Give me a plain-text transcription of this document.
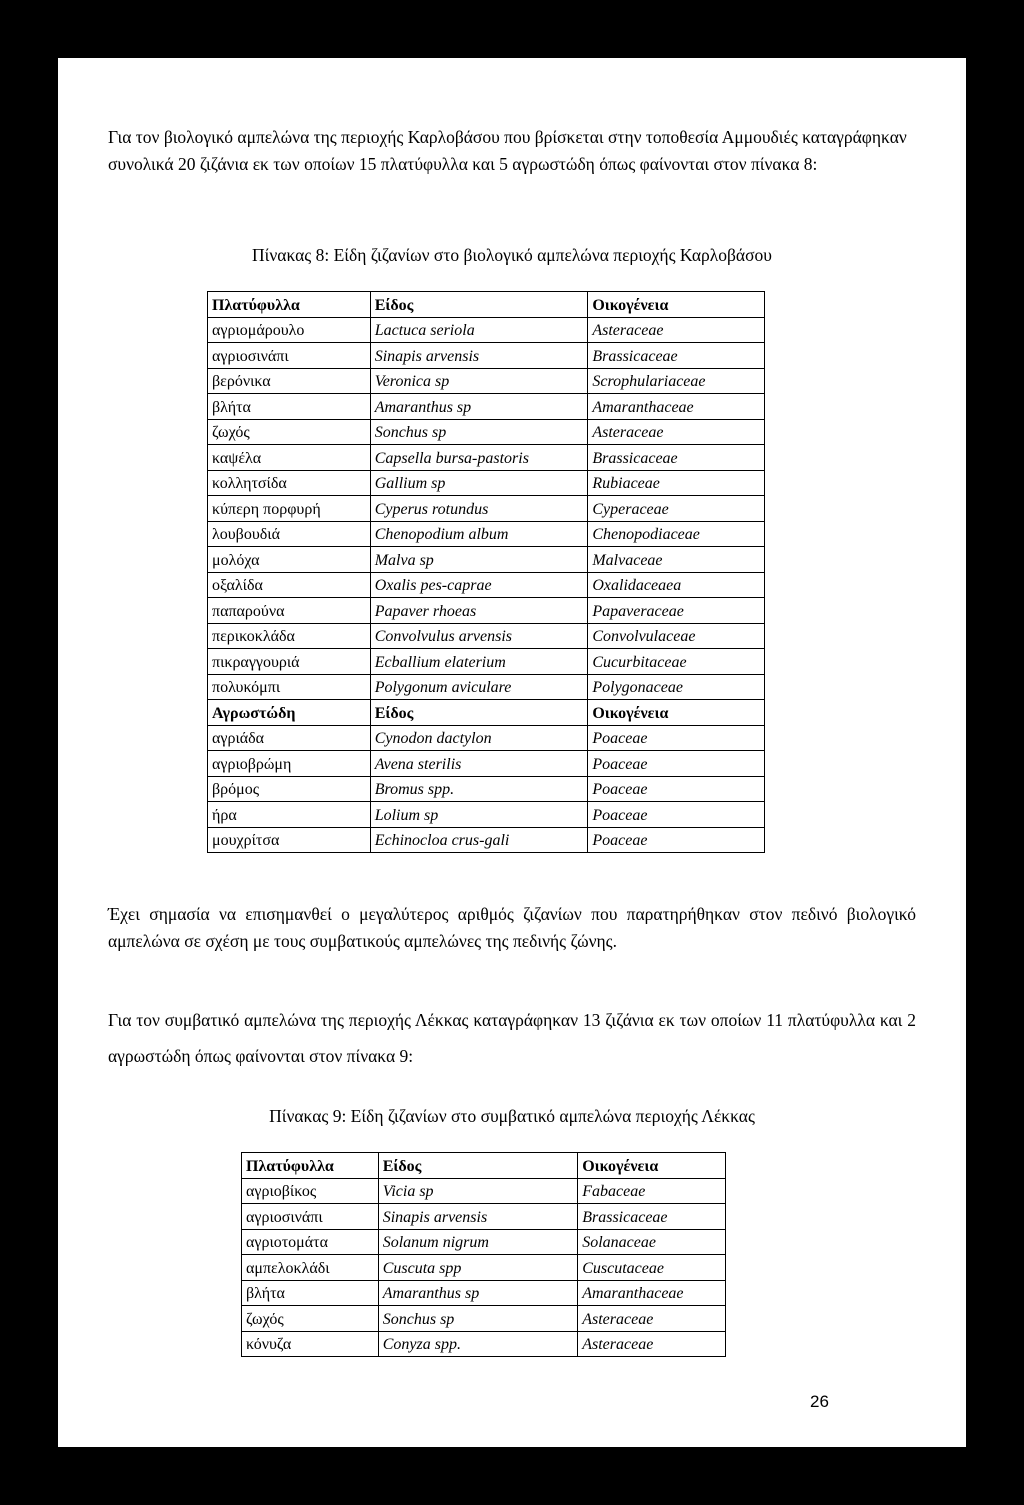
Για τον βιολογικό αμπελώνα της περιοχής Καρλοβάσου που βρίσκεται στην τοποθεσία Αμμουδιές καταγράφηκαν συνολικά 20 ζιζάνια εκ των οποίων 15 πλατύφυλλα και 5 αγρωστώδη όπως φαίνονται στον πίνακα 8:

Πίνακας 8: Είδη ζιζανίων στο βιολογικό αμπελώνα περιοχής Καρλοβάσου

Πλατύφυλλα	Είδος	Οικογένεια
αγριομάρουλο	Lactuca seriola	Asteraceae
αγριοσινάπι	Sinapis arvensis	Brassicaceae
βερόνικα	Veronica sp	Scrophulariaceae
βλήτα	Amaranthus sp	Amaranthaceae
ζωχός	Sonchus sp	Asteraceae
καψέλα	Capsella bursa-pastoris	Brassicaceae
κολλητσίδα	Gallium sp	Rubiaceae
κύπερη πορφυρή	Cyperus rotundus	Cyperaceae
λουβουδιά	Chenopodium album	Chenopodiaceae
μολόχα	Malva sp	Malvaceae
οξαλίδα	Oxalis pes-caprae	Oxalidaceaea
παπαρούνα	Papaver rhoeas	Papaveraceae
περικοκλάδα	Convolvulus arvensis	Convolvulaceae
πικραγγουριά	Ecballium elaterium	Cucurbitaceae
πολυκόμπι	Polygonum aviculare	Polygonaceae
Αγρωστώδη	Είδος	Οικογένεια
αγριάδα	Cynodon dactylon	Poaceae
αγριοβρώμη	Avena sterilis	Poaceae
βρόμος	Bromus spp.	Poaceae
ήρα	Lolium sp	Poaceae
μουχρίτσα	Echinocloa crus-gali	Poaceae

Έχει σημασία να επισημανθεί ο μεγαλύτερος αριθμός ζιζανίων που παρατηρήθηκαν στον πεδινό βιολογικό αμπελώνα σε σχέση με τους συμβατικούς αμπελώνες της πεδινής ζώνης.

Για τον συμβατικό αμπελώνα της περιοχής Λέκκας καταγράφηκαν 13 ζιζάνια εκ των οποίων 11 πλατύφυλλα και 2 αγρωστώδη όπως φαίνονται στον πίνακα 9:

Πίνακας 9: Είδη ζιζανίων στο συμβατικό αμπελώνα περιοχής Λέκκας

Πλατύφυλλα	Είδος	Οικογένεια
αγριοβίκος	Vicia sp	Fabaceae
αγριοσινάπι	Sinapis arvensis	Brassicaceae
αγριοτομάτα	Solanum nigrum	Solanaceae
αμπελοκλάδι	Cuscuta spp	Cuscutaceae
βλήτα	Amaranthus sp	Amaranthaceae
ζωχός	Sonchus sp	Asteraceae
κόνυζα	Conyza spp.	Asteraceae

26
